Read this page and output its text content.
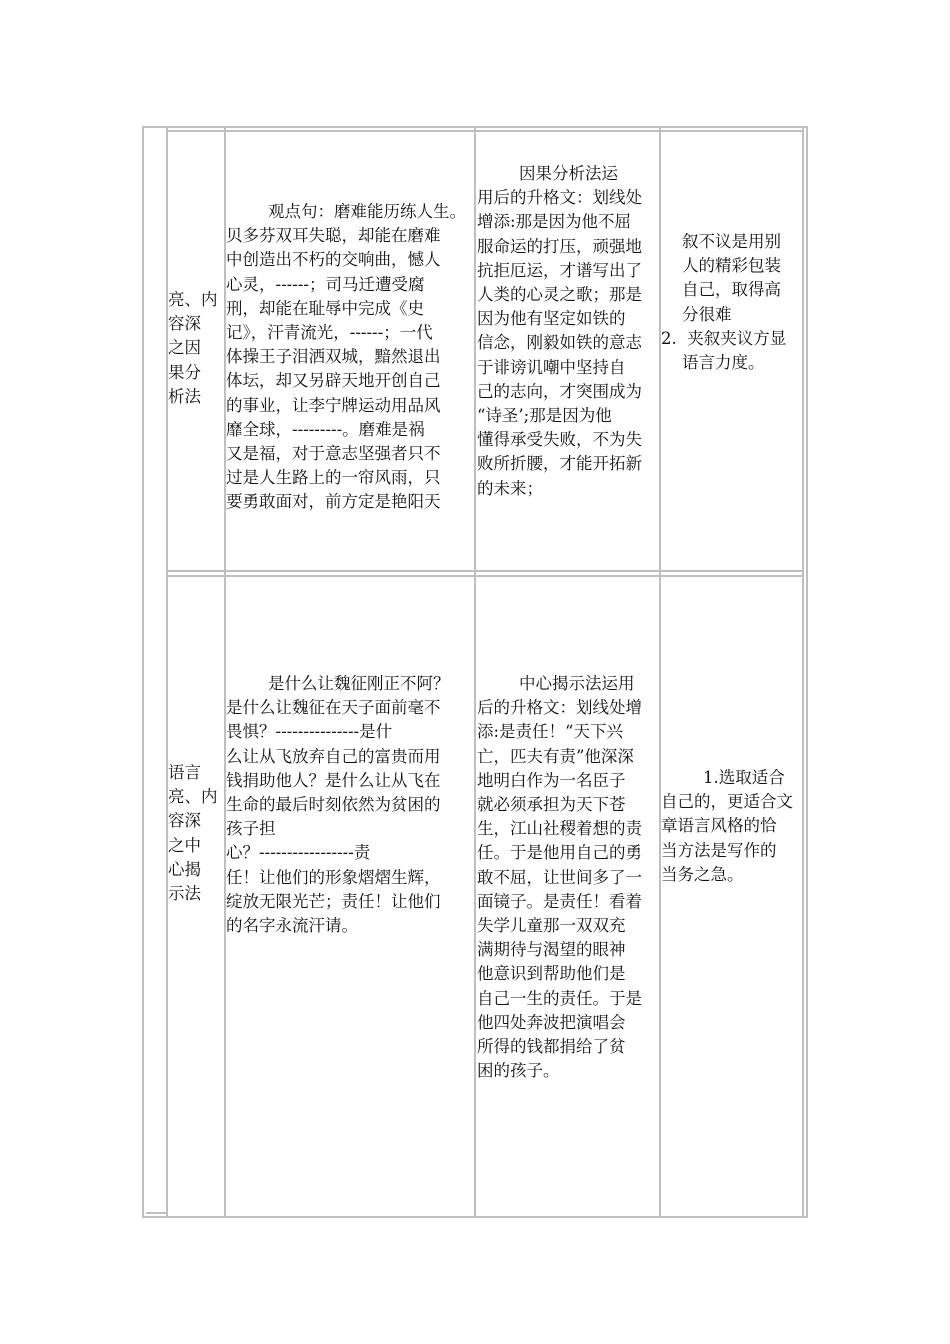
亮、内
容深
之因
果分
析法
观点句：磨难能历练人生。
贝多芬双耳失聪，却能在磨难
中创造出不朽的交响曲，憾人
心灵，------；司马迁遭受腐
刑，却能在耻辱中完成《史
记》，汗青流光，------；一代
体操王子泪洒双城，黯然退出
体坛，却又另辟天地开创自己
的事业，让李宁牌运动用品风
靡全球，---------。磨难是祸
又是福，对于意志坚强者只不
过是人生路上的一帘风雨，只
要勇敢面对，前方定是艳阳天
因果分析法运
用后的升格文：划线处
增添:那是因为他不屈
服命运的打压，顽强地
抗拒厄运，才谱写出了
人类的心灵之歌；那是
因为他有坚定如铁的
信念，刚毅如铁的意志
于诽谤讥嘲中坚持自
己的志向，才突围成为
“诗圣’;那是因为他
懂得承受失败，不为失
败所折腰，才能开拓新
的未来；
叙不议是用别
人的精彩包装
自己，取得高
分很难
2.  夹叙夹议方显
语言力度。
语言
亮、内
容深
之中
心揭
示法
是什么让魏征刚正不阿？
是什么让魏征在天子面前毫不
畏惧？---------------是什
么让从飞放弃自己的富贵而用
钱捐助他人？是什么让从飞在
生命的最后时刻依然为贫困的
孩子担
心？-----------------责
任！让他们的形象熠熠生辉，
绽放无限光芒；责任！让他们
的名字永流汗请。
中心揭示法运用
后的升格文：划线处增
添:是责任！“天下兴
亡，匹夫有责”他深深
地明白作为一名臣子
就必须承担为天下苍
生，江山社稷着想的责
任。于是他用自己的勇
敢不屈，让世间多了一
面镜子。是责任！看着
失学儿童那一双双充
满期待与渴望的眼神
他意识到帮助他们是
自己一生的责任。于是
他四处奔波把演唱会
所得的钱都捐给了贫
困的孩子。
1.选取适合
自己的，更适合文
章语言风格的恰
当方法是写作的
当务之急。
